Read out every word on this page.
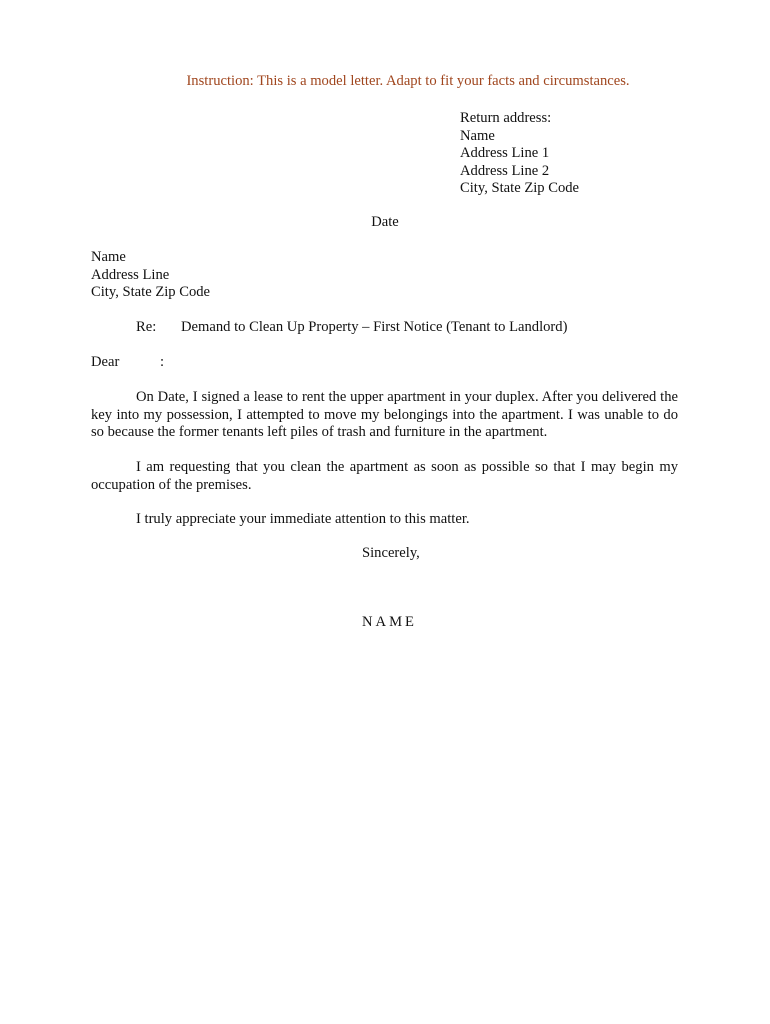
Instruction: This is a model letter. Adapt to fit your facts and circumstances.
Return address:
Name
Address Line 1
Address Line 2
City, State Zip Code
Date
Name
Address Line
City, State Zip Code
Re: Demand to Clean Up Property – First Notice (Tenant to Landlord)
Dear	:
On Date, I signed a lease to rent the upper apartment in your duplex. After you delivered the key into my possession, I attempted to move my belongings into the apartment. I was unable to do so because the former tenants left piles of trash and furniture in the apartment.
I am requesting that you clean the apartment as soon as possible so that I may begin my occupation of the premises.
I truly appreciate your immediate attention to this matter.
Sincerely,
NAME
